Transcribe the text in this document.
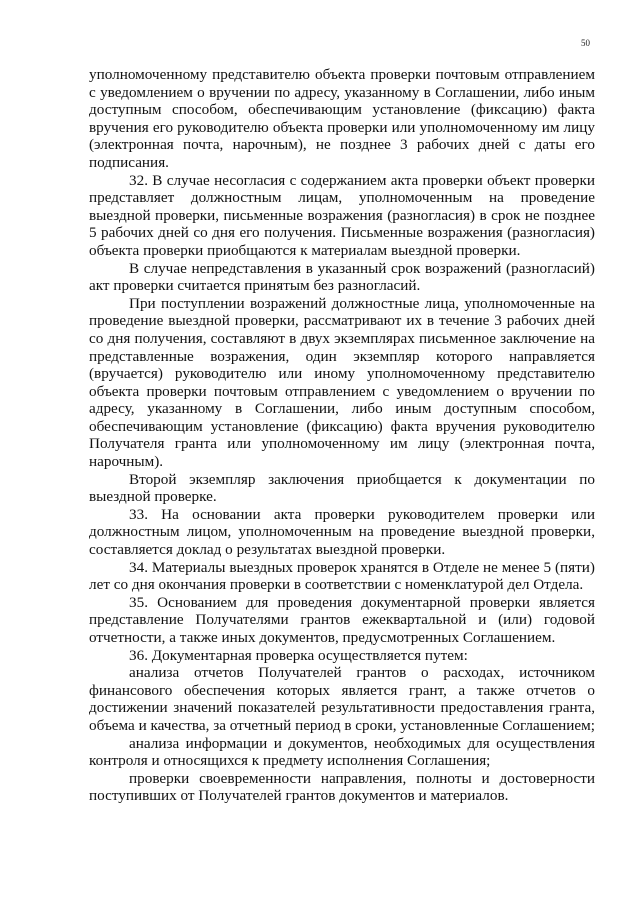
50

уполномоченному представителю объекта проверки почтовым отправлением с уведомлением о вручении по адресу, указанному в Соглашении, либо иным доступным способом, обеспечивающим установление (фиксацию) факта вручения его руководителю объекта проверки или уполномоченному им лицу (электронная почта, нарочным), не позднее 3 рабочих дней с даты его подписания.

32. В случае несогласия с содержанием акта проверки объект проверки представляет должностным лицам, уполномоченным на проведение выездной проверки, письменные возражения (разногласия) в срок не позднее 5 рабочих дней со дня его получения. Письменные возражения (разногласия) объекта проверки приобщаются к материалам выездной проверки.

В случае непредставления в указанный срок возражений (разногласий) акт проверки считается принятым без разногласий.

При поступлении возражений должностные лица, уполномоченные на проведение выездной проверки, рассматривают их в течение 3 рабочих дней со дня получения, составляют в двух экземплярах письменное заключение на представленные возражения, один экземпляр которого направляется (вручается) руководителю или иному уполномоченному представителю объекта проверки почтовым отправлением с уведомлением о вручении по адресу, указанному в Соглашении, либо иным доступным способом, обеспечивающим установление (фиксацию) факта вручения руководителю Получателя гранта или уполномоченному им лицу (электронная почта, нарочным).

Второй экземпляр заключения приобщается к документации по выездной проверке.

33. На основании акта проверки руководителем проверки или должностным лицом, уполномоченным на проведение выездной проверки, составляется доклад о результатах выездной проверки.

34. Материалы выездных проверок хранятся в Отделе не менее 5 (пяти) лет со дня окончания проверки в соответствии с номенклатурой дел Отдела.

35. Основанием для проведения документарной проверки является представление Получателями грантов ежеквартальной и (или) годовой отчетности, а также иных документов, предусмотренных Соглашением.

36. Документарная проверка осуществляется путем:

анализа отчетов Получателей грантов о расходах, источником финансового обеспечения которых является грант, а также отчетов о достижении значений показателей результативности предоставления гранта, объема и качества, за отчетный период в сроки, установленные Соглашением;

анализа информации и документов, необходимых для осуществления контроля и относящихся к предмету исполнения Соглашения;

проверки своевременности направления, полноты и достоверности поступивших от Получателей грантов документов и материалов.
